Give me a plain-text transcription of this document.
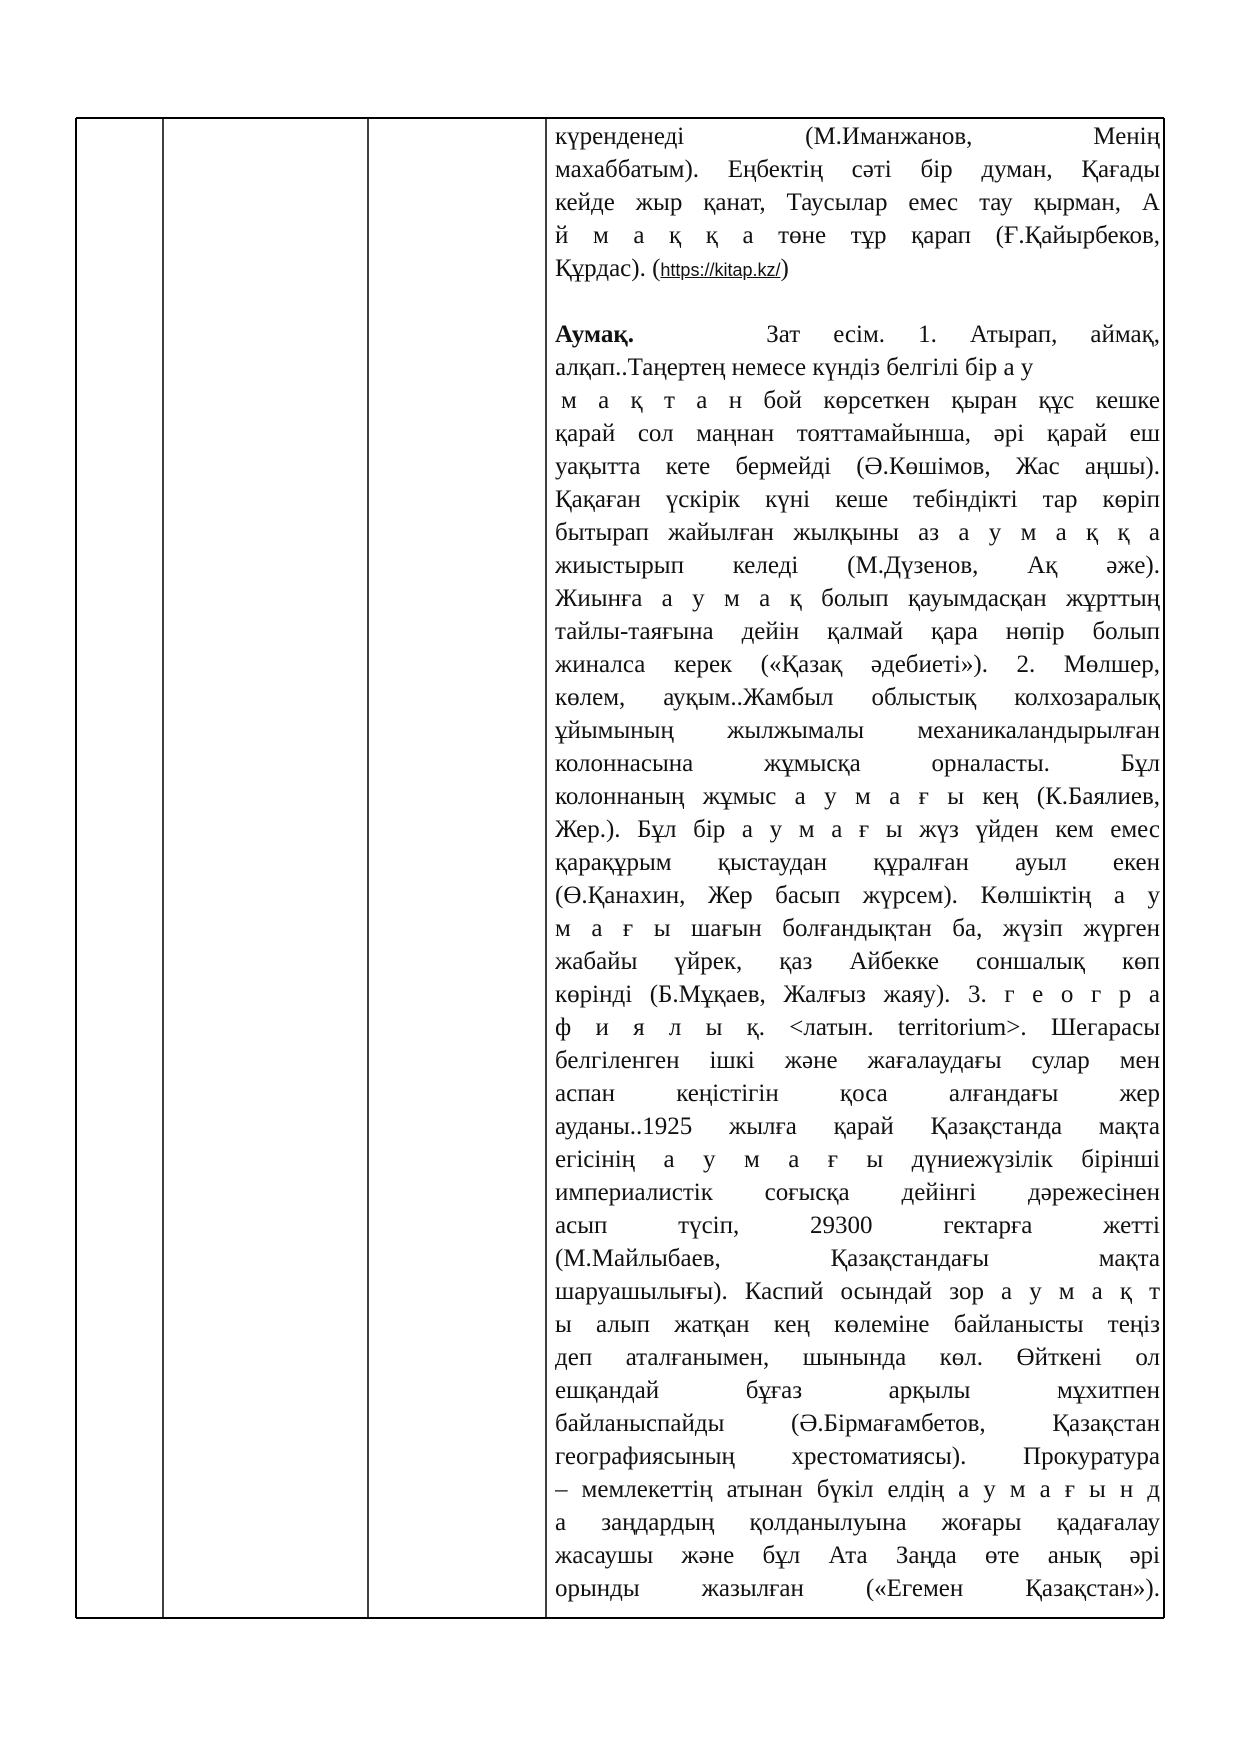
күренденеді (М.Иманжанов, Менің
махаббатым). Еңбектің сәті бір думан, Қағады
кейде жыр қанат, Таусылар емес тау қырман, А
й м а қ қ а төне тұр қарап (Ғ.Қайырбеков,
Құрдас). (https://kitap.kz/)
Аумақ.	Зат есім. 1. Атырап, аймақ,
алқап..Таңертең немесе күндіз белгілі бір а у
м а қ т а н бой көрсеткен қыран құс кешке
қарай сол маңнан тояттамайынша, әрі қарай еш
уақытта кете бермейді (Ә.Көшімов, Жас аңшы).
Қақаған үскірік күні кеше тебіндікті тар көріп
бытырап жайылған жылқыны аз а у м а қ қ а
жиыстырып келеді (М.Дүзенов, Ақ әже).
Жиынға а у м а қ болып қауымдасқан жұрттың
тайлы-таяғына дейін қалмай қара нөпір болып
жиналса керек («Қазақ әдебиеті»). 2. Мөлшер,
көлем, ауқым..Жамбыл облыстық колхозаралық
ұйымының жылжымалы механикаландырылған
колоннасына жұмысқа орналасты. Бұл
колоннаның жұмыс а у м а ғ ы кең (К.Баялиев,
Жер.). Бұл бір а у м а ғ ы жүз үйден кем емес
қарақұрым қыстаудан құралған ауыл екен
(Ө.Қанахин, Жер басып жүрсем). Көлшіктің а у
м а ғ ы шағын болғандықтан ба, жүзіп жүрген
жабайы үйрек, қаз Айбекке соншалық көп
көрінді (Б.Мұқаев, Жалғыз жаяу). 3. г е о г р а
ф и я л ы қ. <латын. territorium>. Шегарасы
белгіленген ішкі және жағалаудағы сулар мен
аспан кеңістігін қоса алғандағы жер
ауданы..1925 жылға қарай Қазақстанда мақта
егісінің а у м а ғ ы дүниежүзілік бірінші
империалистік соғысқа дейінгі дәрежесінен
асып түсіп, 29300 гектарға жетті
(М.Майлыбаев, Қазақстандағы мақта
шаруашылығы). Каспий осындай зор а у м а қ т
ы алып жатқан кең көлеміне байланысты теңіз
деп аталғанымен, шынында көл. Өйткені ол
ешқандай бұғаз арқылы мұхитпен
байланыспайды (Ә.Бірмағамбетов, Қазақстан
географиясының хрестоматиясы). Прокуратура
– мемлекеттің атынан бүкіл елдің а у м а ғ ы н д
а заңдардың қолданылуына жоғары қадағалау
жасаушы және бұл Ата Заңда өте анық әрі
орынды жазылған («Егемен Қазақстан»).
